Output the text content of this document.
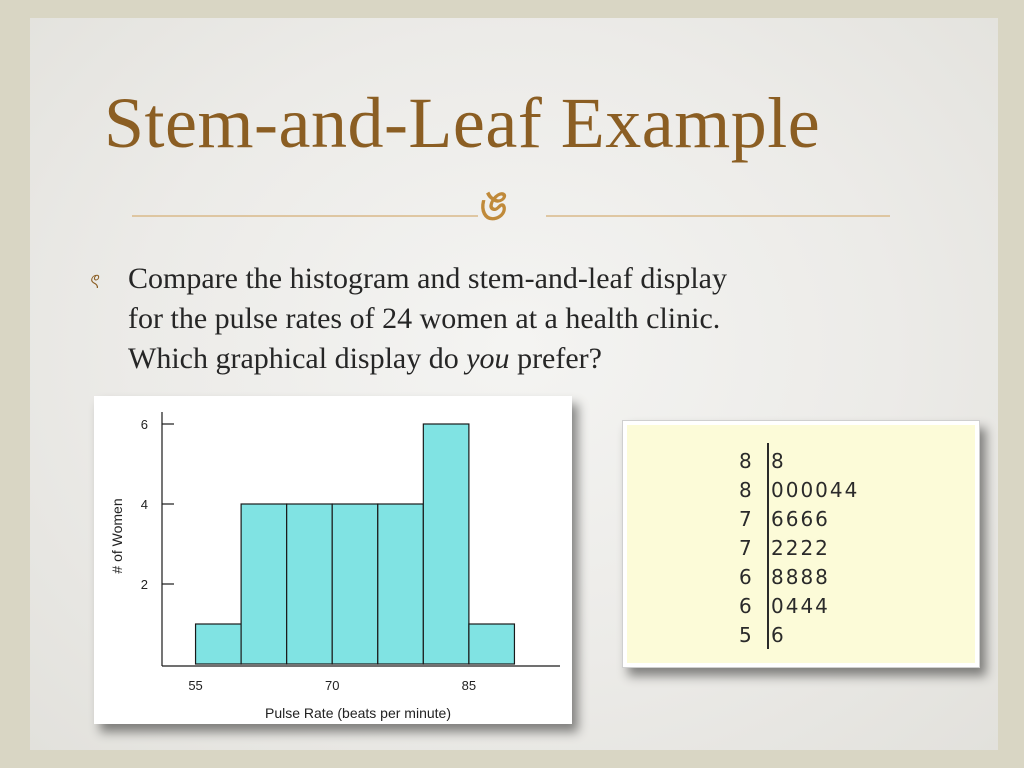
Stem-and-Leaf Example
ঙ
ৎ Compare the histogram and stem-and-leaf display
for the pulse rates of 24 women at a health clinic.
Which graphical display do you prefer?
2
4
6
55	70	85
Pulse Rate (beats per minute)
# of Women
8 8
8 000044
7 6666
7 2222
6 8888
6 0444
5 6
